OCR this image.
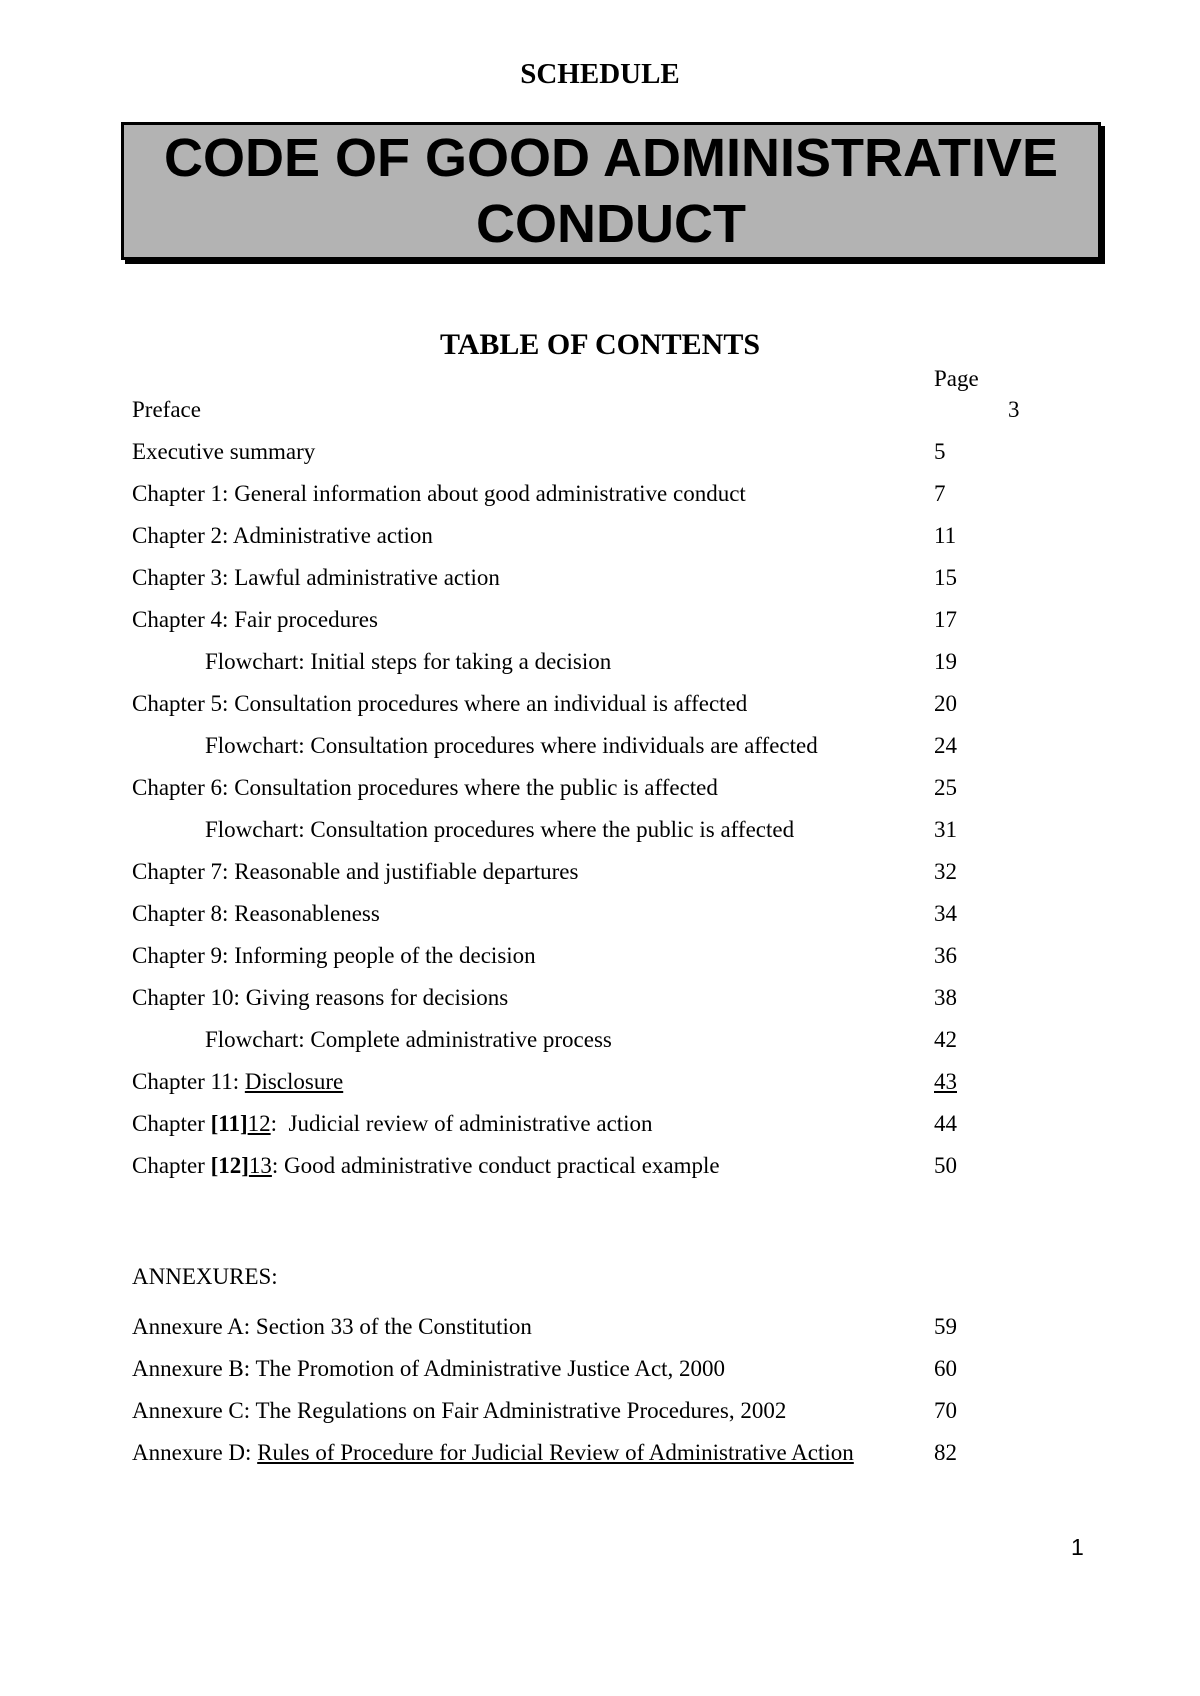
SCHEDULE
CODE OF GOOD ADMINISTRATIVE
CONDUCT
TABLE OF CONTENTS
Page
Preface	3
Executive summary	5
Chapter 1: General information about good administrative conduct	7
Chapter 2: Administrative action	11
Chapter 3: Lawful administrative action	15
Chapter 4: Fair procedures	17
Flowchart: Initial steps for taking a decision	19
Chapter 5: Consultation procedures where an individual is affected	20
Flowchart: Consultation procedures where individuals are affected	24
Chapter 6: Consultation procedures where the public is affected	25
Flowchart: Consultation procedures where the public is affected	31
Chapter 7: Reasonable and justifiable departures	32
Chapter 8: Reasonableness	34
Chapter 9: Informing people of the decision	36
Chapter 10: Giving reasons for decisions	38
Flowchart: Complete administrative process	42
Chapter 11: Disclosure	43
Chapter [11]12:  Judicial review of administrative action	44
Chapter [12]13: Good administrative conduct practical example	50
ANNEXURES:
Annexure A: Section 33 of the Constitution	59
Annexure B: The Promotion of Administrative Justice Act, 2000	60
Annexure C: The Regulations on Fair Administrative Procedures, 2002	70
Annexure D: Rules of Procedure for Judicial Review of Administrative Action	82
1
